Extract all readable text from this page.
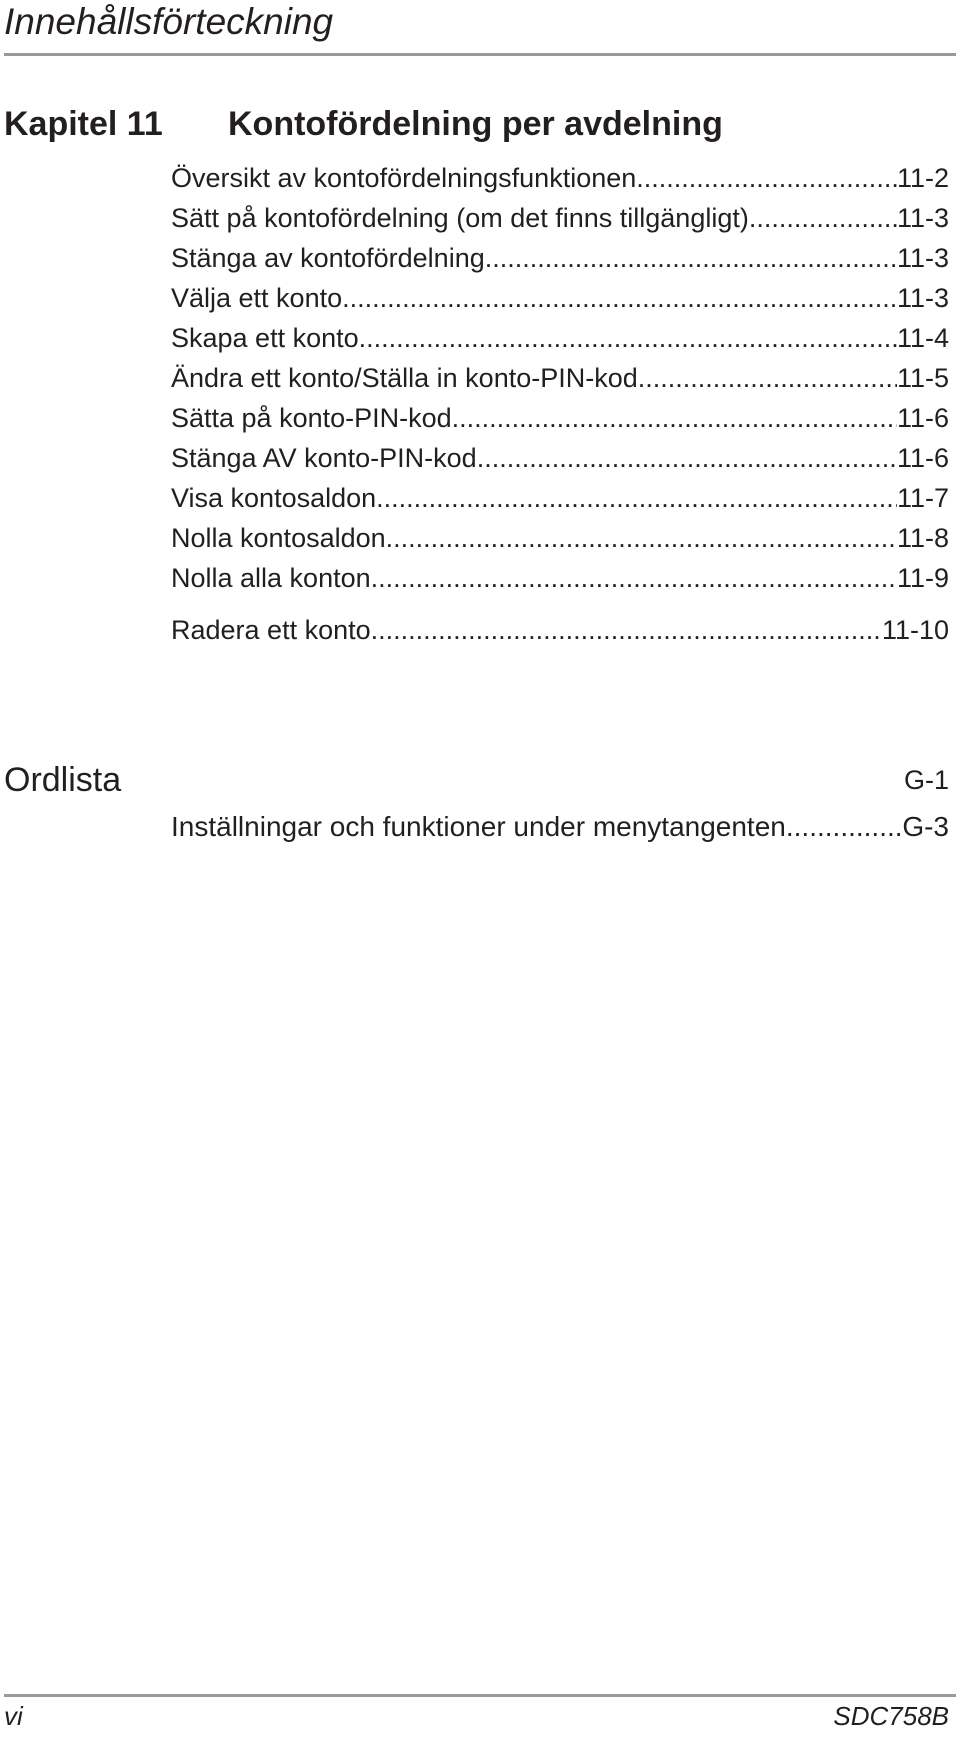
Innehållsförteckning
Kapitel 11 Kontofördelning per avdelning
Översikt av kontofördelningsfunktionen .....	11-2
Sätt på kontofördelning (om det finns tillgängligt) .....	11-3
Stänga av kontofördelning .....	11-3
Välja ett konto .....	11-3
Skapa ett konto .....	11-4
Ändra ett konto/Ställa in konto-PIN-kod .....	11-5
Sätta på konto-PIN-kod .....	11-6
Stänga AV konto-PIN-kod .....	11-6
Visa kontosaldon .....	11-7
Nolla kontosaldon .....	11-8
Nolla alla konton .....	11-9
Radera ett konto .....	11-10
Ordlista	G-1
Inställningar och funktioner under menytangenten .....	G-3
vi	SDC758B
